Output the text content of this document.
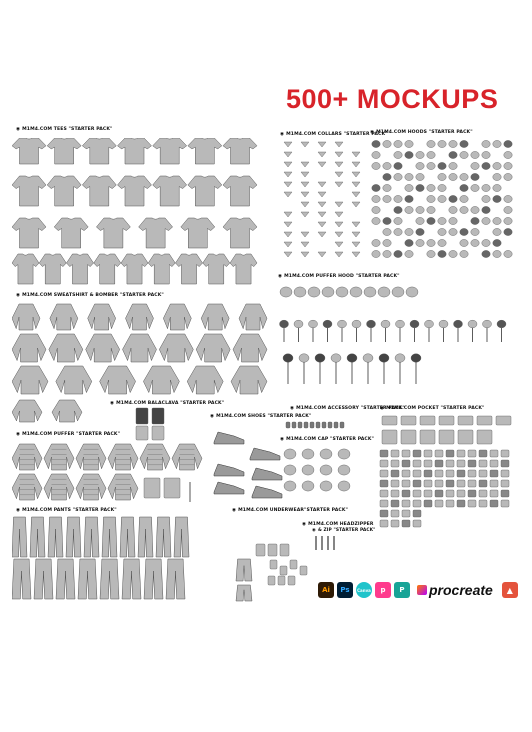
500+ MOCKUPS
◉ M1M4.COM TEES "STARTER PACK"
◉ M1M4.COM SWEATSHIRT & BOMBER "STARTER PACK"
◉ M1M4.COM BALACLAVA "STARTER PACK"
◉ M1M4.COM SHOES "STARTER PACK"
◉ M1M4.COM ACCESSORY "STARTER PACK"
◉ M1M4.COM CAP "STARTER PACK"
◉ M1M4.COM PUFFER "STARTER PACK"
◉ M1M4.COM PANTS "STARTER PACK"
◉	M1M4.COM UNDERWEAR"STARTER PACK"
◉ M1M4.COM HEADZIPPER
◉ & ZIP "STARTER PACK"
◉ M1M4.COM COLLARS "STARTER PACK"
◉ M1M4.COM HOODS "STARTER PACK"
◉ M1M4.COM PUFFER HOOD "STARTER PACK"
◉ M1M4.COM POCKET "STARTER PACK"
Ai	Ps	Canva	p	P	procreate	▲
